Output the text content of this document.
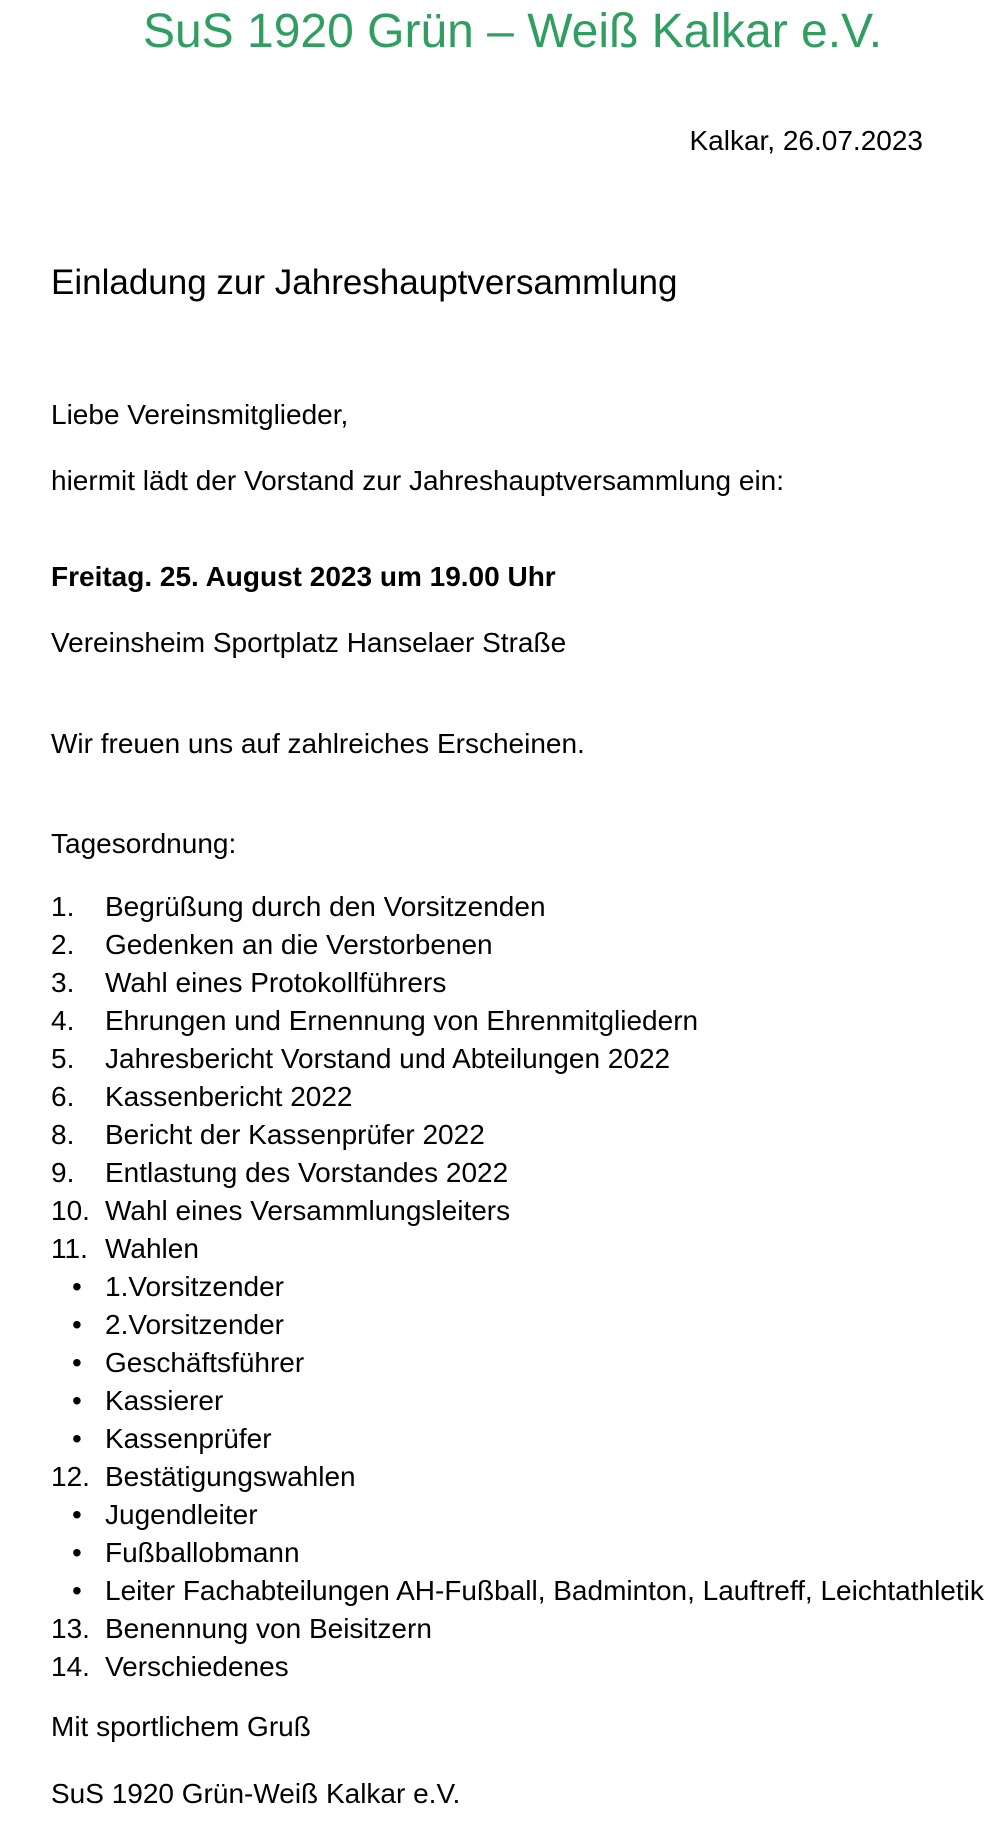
SuS 1920 Grün – Weiß Kalkar e.V.
Kalkar, 26.07.2023
Einladung zur Jahreshauptversammlung
Liebe Vereinsmitglieder,
hiermit lädt der Vorstand zur Jahreshauptversammlung ein:
Freitag. 25. August 2023 um 19.00 Uhr
Vereinsheim Sportplatz Hanselaer Straße
Wir freuen uns auf zahlreiches Erscheinen.
Tagesordnung:
1.	Begrüßung durch den Vorsitzenden
2.	Gedenken an die Verstorbenen
3.	Wahl eines Protokollführers
4.	Ehrungen und Ernennung von Ehrenmitgliedern
5.	Jahresbericht Vorstand und Abteilungen 2022
6.	Kassenbericht 2022
8.	Bericht der Kassenprüfer 2022
9.	Entlastung des Vorstandes 2022
10. Wahl eines Versammlungsleiters
11. Wahlen
• 1.Vorsitzender
• 2.Vorsitzender
• Geschäftsführer
• Kassierer
• Kassenprüfer
12. Bestätigungswahlen
• Jugendleiter
• Fußballobmann
• Leiter Fachabteilungen AH-Fußball, Badminton, Lauftreff, Leichtathletik
13. Benennung von Beisitzern
14. Verschiedenes
Mit sportlichem Gruß
SuS 1920 Grün-Weiß Kalkar e.V.
